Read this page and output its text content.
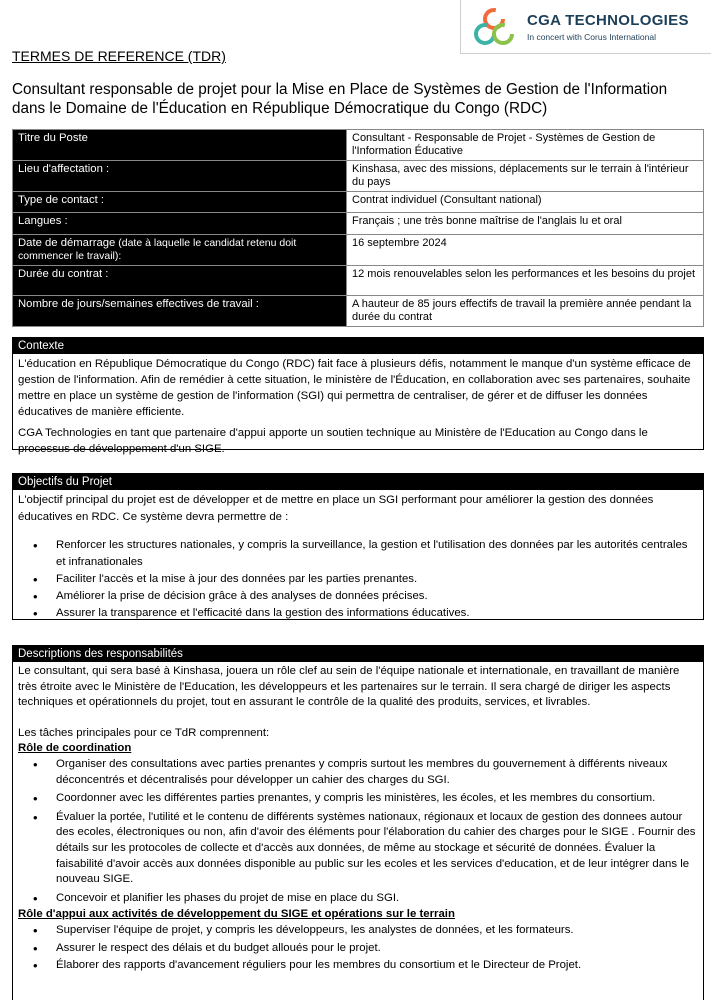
CGA TECHNOLOGIES
In concert with Corus International
TERMES DE REFERENCE (TDR)
Consultant responsable de projet pour la Mise en Place de Systèmes de Gestion de l'Information dans le Domaine de l'Éducation en République Démocratique du Congo (RDC)
Titre du Poste	Consultant - Responsable de Projet - Systèmes de Gestion de l'Information Éducative
Lieu d'affectation :	Kinshasa, avec des missions, déplacements sur le terrain à l'intérieur du pays
Type de contact :	Contrat individuel (Consultant national)
Langues :	Français ; une très bonne maîtrise de l'anglais lu et oral
Date de démarrage (date à laquelle le candidat retenu doit commencer le travail):	16 septembre 2024
Durée du contrat :	12 mois renouvelables selon les performances et les besoins du projet
Nombre de jours/semaines effectives de travail :	A hauteur de 85 jours effectifs de travail la première année pendant la durée du contrat
Contexte

L'éducation en République Démocratique du Congo (RDC) fait face à plusieurs défis, notamment le manque d'un système efficace de gestion de l'information. Afin de remédier à cette situation, le ministère de l'Éducation, en collaboration avec ses partenaires, souhaite mettre en place un système de gestion de l'information (SGI) qui permettra de centraliser, de gérer et de diffuser les données éducatives de manière efficiente.

CGA Technologies en tant que partenaire d'appui apporte un soutien technique au Ministère de l'Education au Congo dans le processus de développement d'un SIGE.

Objectifs du Projet

L'objectif principal du projet est de développer et de mettre en place un SGI performant pour améliorer la gestion des données éducatives en RDC. Ce système devra permettre de :

• Renforcer les structures nationales, y compris la surveillance, la gestion et l'utilisation des données par les autorités centrales et infranationales
• Faciliter l'accès et la mise à jour des données par les parties prenantes.
• Améliorer la prise de décision grâce à des analyses de données précises.
• Assurer la transparence et l'efficacité dans la gestion des informations éducatives.
Descriptions des responsabilités

Le consultant, qui sera basé à Kinshasa, jouera un rôle clef au sein de l'équipe nationale et internationale, en travaillant de manière très étroite avec le Ministère de l'Education, les développeurs et les partenaires sur le terrain. Il sera chargé de diriger les aspects techniques et opérationnels du projet, tout en assurant le contrôle de la qualité des produits, services, et livrables.

Les tâches principales pour ce TdR comprennent:

Rôle de coordination

• Organiser des consultations avec parties prenantes y compris surtout les membres du gouvernement à différents niveaux déconcentrés et décentralisés pour développer un cahier des charges du SGI.
• Coordonner avec les différentes parties prenantes, y compris les ministères, les écoles, et les membres du consortium.
• Évaluer la portée, l'utilité et le contenu de différents systèmes nationaux, régionaux et locaux de gestion des donnees autour des ecoles, électroniques ou non, afin d'avoir des éléments pour l'élaboration du cahier des charges pour le SIGE . Fournir des détails sur les protocoles de collecte et d'accès aux données, de même au stockage et sécurité de données. Évaluer la faisabilité d'avoir accès aux données disponible au public sur les ecoles et les services d'education, et de leur intégrer dans le nouveau SIGE.
• Concevoir et planifier les phases du projet de mise en place du SGI.

Rôle d'appui aux activités de développement du SIGE et opérations sur le terrain

• Superviser l'équipe de projet, y compris les développeurs, les analystes de données, et les formateurs.
• Assurer le respect des délais et du budget alloués pour le projet.
• Élaborer des rapports d'avancement réguliers pour les membres du consortium et le Directeur de Projet.
